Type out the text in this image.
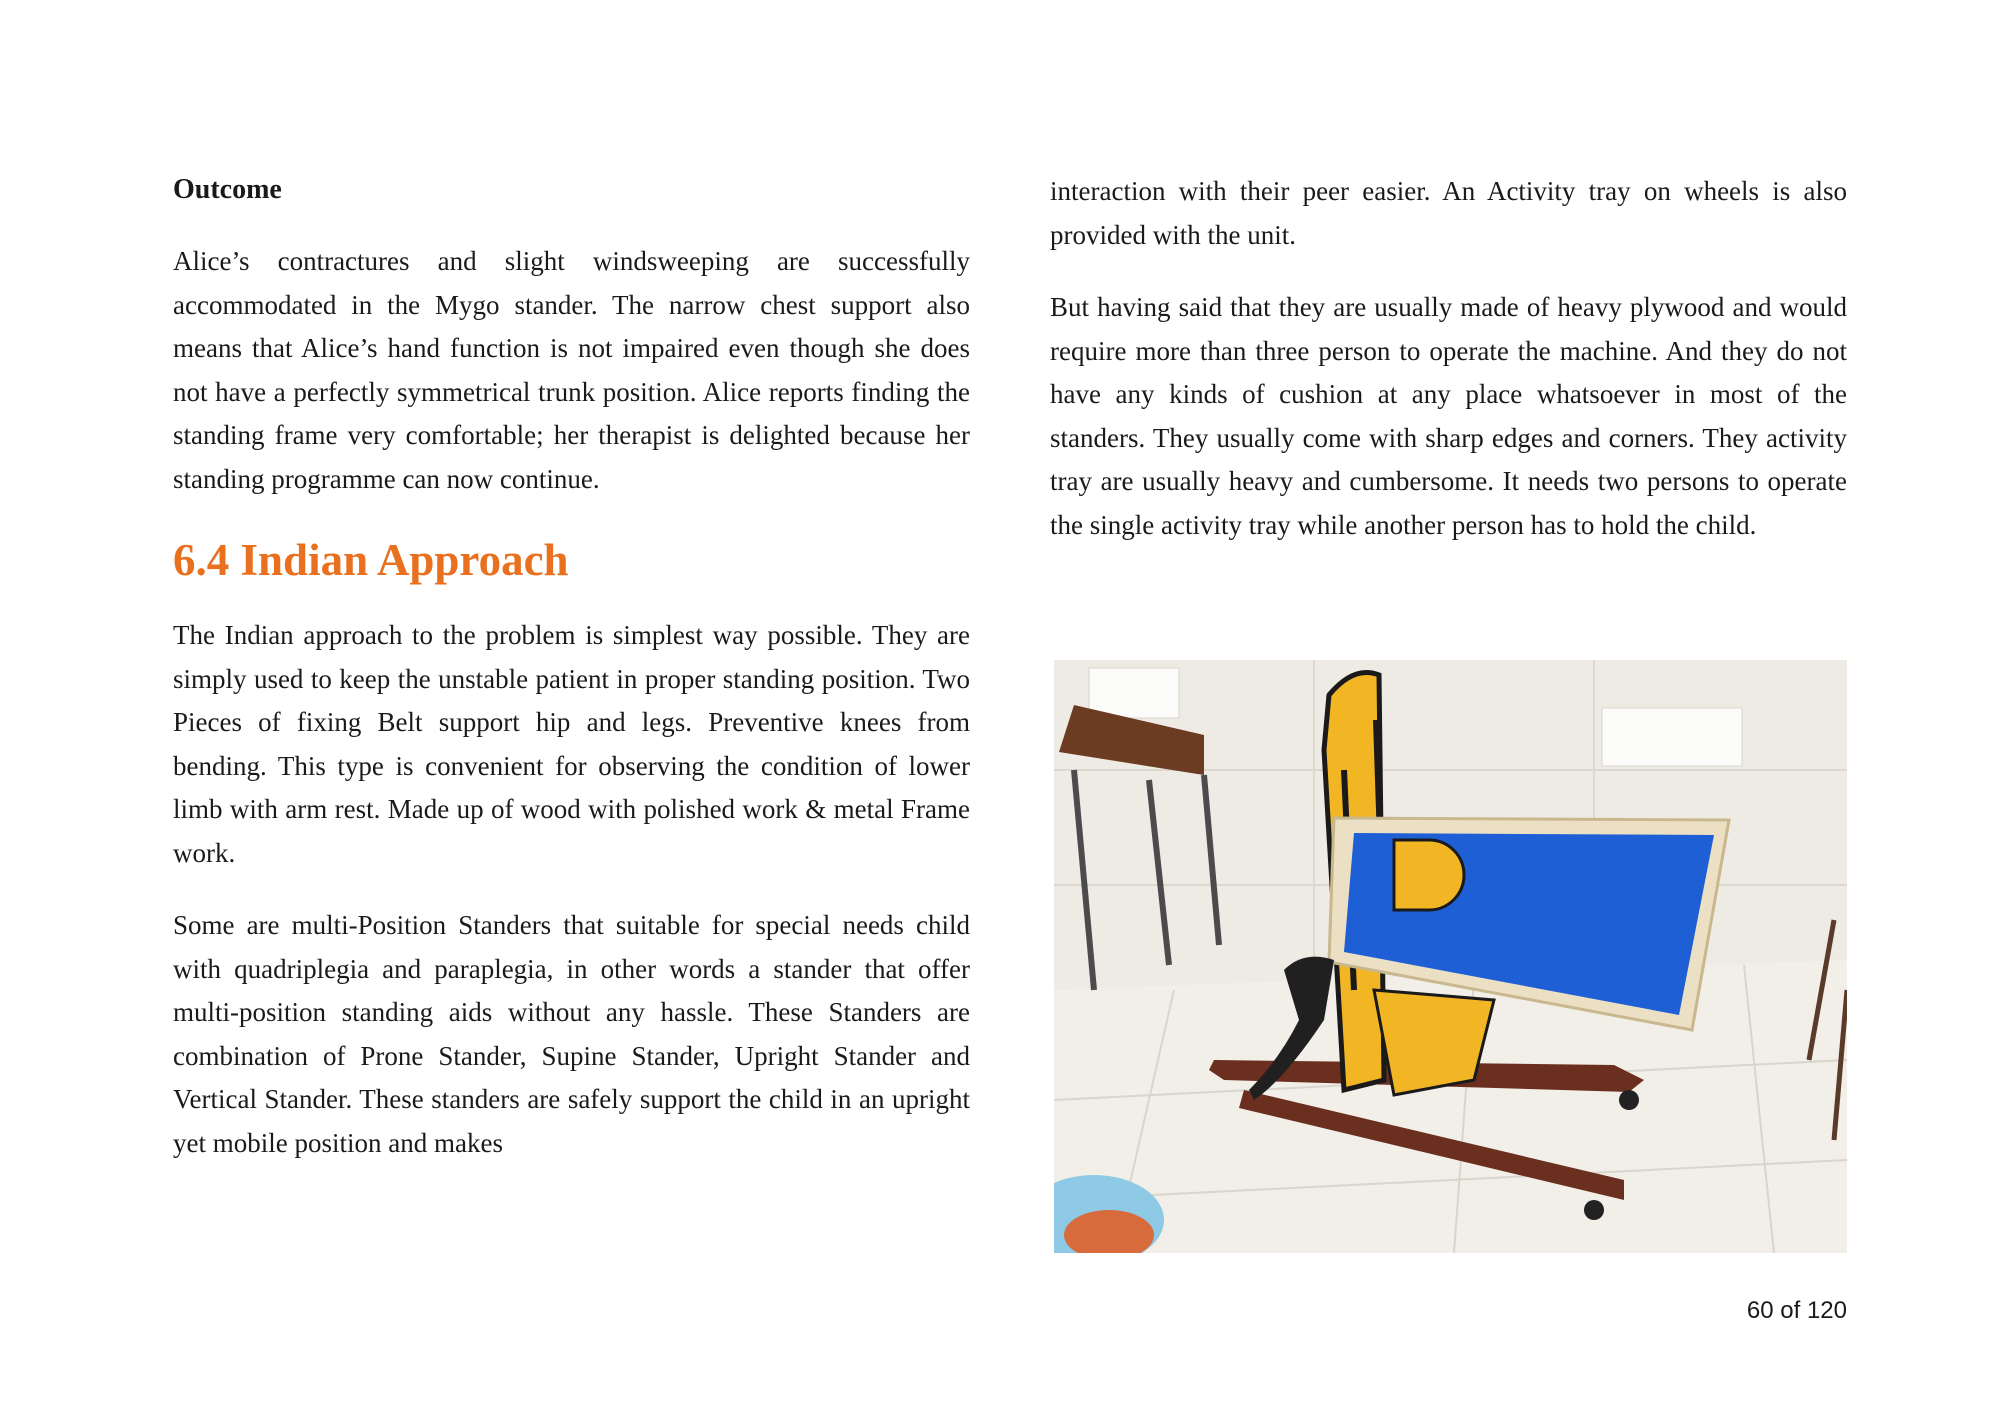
Outcome

Alice’s contractures and slight windsweeping are successfully accommodated in the Mygo stander. The narrow chest support also means that Alice’s hand function is not impaired even though she does not have a perfectly symmetrical trunk position. Alice reports finding the standing frame very comfortable; her therapist is delighted because her standing programme can now continue.

6.4 Indian Approach

The Indian approach to the problem is simplest way possible. They are simply used to keep the unstable patient in proper standing position. Two Pieces of fixing Belt support hip and legs. Preventive knees from bending. This type is convenient for observing the condition of lower limb with arm rest. Made up of wood with polished work & metal Frame work.

Some are multi-Position Standers that suitable for special needs child with quadriplegia and paraplegia, in other words a stander that offer multi-position standing aids without any hassle. These Standers are combination of Prone Stander, Supine Stander, Upright Stander and Vertical Stander. These standers are safely support the child in an upright yet mobile position and makes

interaction with their peer easier. An Activity tray on wheels is also provided with the unit.

But having said that they are usually made of heavy plywood and would require more than three person to operate the machine. And they do not have any kinds of cushion at any place whatsoever in most of the standers. They usually come with sharp edges and corners. They activity tray are usually heavy and cumbersome. It needs two persons to operate the single activity tray while another person has to hold the child.

60 of 120
